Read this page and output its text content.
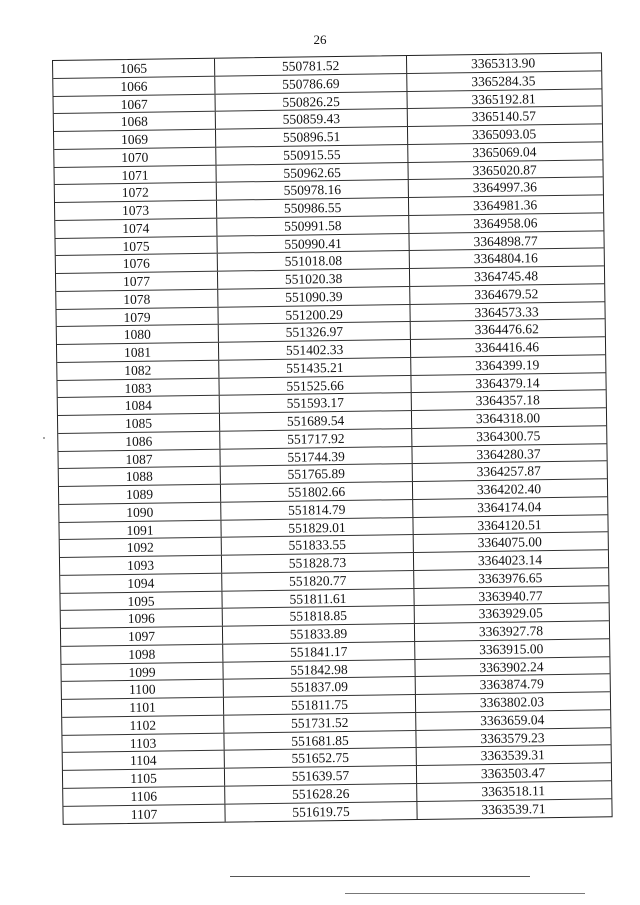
26
1065	550781.52	3365313.90
1066	550786.69	3365284.35
1067	550826.25	3365192.81
1068	550859.43	3365140.57
1069	550896.51	3365093.05
1070	550915.55	3365069.04
1071	550962.65	3365020.87
1072	550978.16	3364997.36
1073	550986.55	3364981.36
1074	550991.58	3364958.06
1075	550990.41	3364898.77
1076	551018.08	3364804.16
1077	551020.38	3364745.48
1078	551090.39	3364679.52
1079	551200.29	3364573.33
1080	551326.97	3364476.62
1081	551402.33	3364416.46
1082	551435.21	3364399.19
1083	551525.66	3364379.14
1084	551593.17	3364357.18
1085	551689.54	3364318.00
1086	551717.92	3364300.75
1087	551744.39	3364280.37
1088	551765.89	3364257.87
1089	551802.66	3364202.40
1090	551814.79	3364174.04
1091	551829.01	3364120.51
1092	551833.55	3364075.00
1093	551828.73	3364023.14
1094	551820.77	3363976.65
1095	551811.61	3363940.77
1096	551818.85	3363929.05
1097	551833.89	3363927.78
1098	551841.17	3363915.00
1099	551842.98	3363902.24
1100	551837.09	3363874.79
1101	551811.75	3363802.03
1102	551731.52	3363659.04
1103	551681.85	3363579.23
1104	551652.75	3363539.31
1105	551639.57	3363503.47
1106	551628.26	3363518.11
1107	551619.75	3363539.71
